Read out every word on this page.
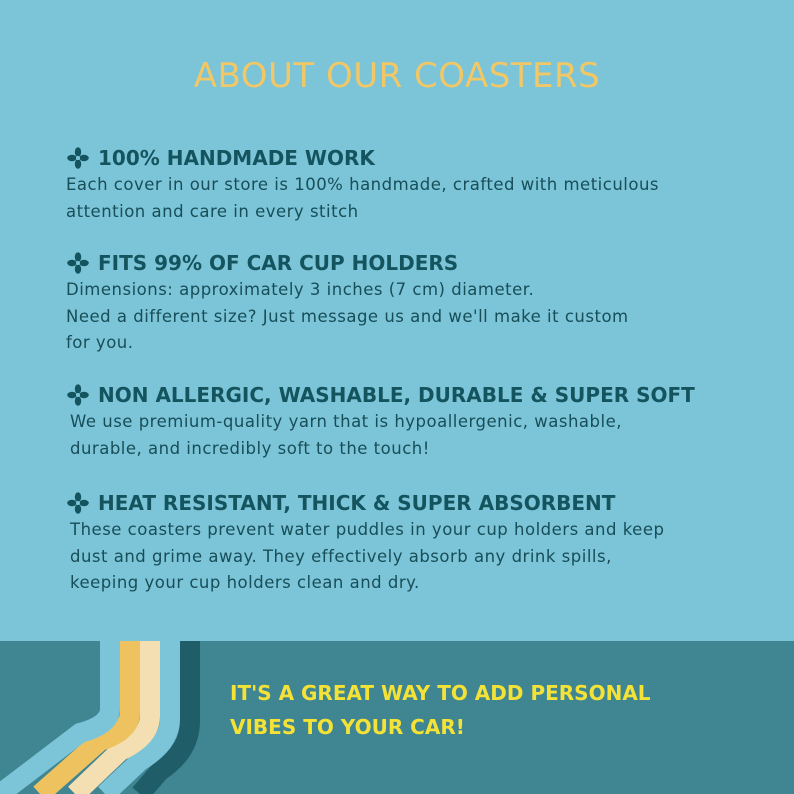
ABOUT OUR COASTERS
100% HANDMADE WORK
Each cover in our store is 100% handmade, crafted with meticulous
attention and care in every stitch
FITS 99% OF CAR CUP HOLDERS
Dimensions: approximately 3 inches (7 cm) diameter.
Need a different size? Just message us and we'll make it custom
for you.
NON ALLERGIC, WASHABLE, DURABLE & SUPER SOFT
We use premium-quality yarn that is hypoallergenic, washable,
durable, and incredibly soft to the touch!
HEAT RESISTANT, THICK & SUPER ABSORBENT
These coasters prevent water puddles in your cup holders and keep
dust and grime away. They effectively absorb any drink spills,
keeping your cup holders clean and dry.
IT'S A GREAT WAY TO ADD PERSONAL
VIBES TO YOUR CAR!
